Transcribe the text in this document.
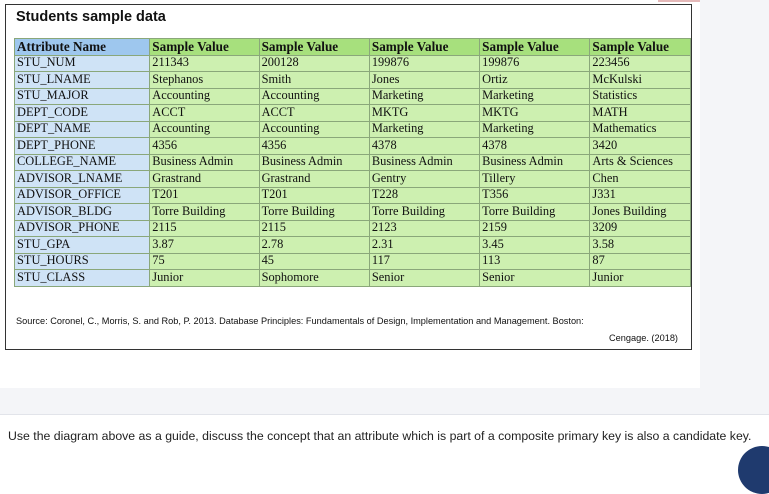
Students sample data
Attribute Name	Sample Value	Sample Value	Sample Value	Sample Value	Sample Value
STU_NUM	211343	200128	199876	199876	223456
STU_LNAME	Stephanos	Smith	Jones	Ortiz	McKulski
STU_MAJOR	Accounting	Accounting	Marketing	Marketing	Statistics
DEPT_CODE	ACCT	ACCT	MKTG	MKTG	MATH
DEPT_NAME	Accounting	Accounting	Marketing	Marketing	Mathematics
DEPT_PHONE	4356	4356	4378	4378	3420
COLLEGE_NAME	Business Admin	Business Admin	Business Admin	Business Admin	Arts & Sciences
ADVISOR_LNAME	Grastrand	Grastrand	Gentry	Tillery	Chen
ADVISOR_OFFICE	T201	T201	T228	T356	J331
ADVISOR_BLDG	Torre Building	Torre Building	Torre Building	Torre Building	Jones Building
ADVISOR_PHONE	2115	2115	2123	2159	3209
STU_GPA	3.87	2.78	2.31	3.45	3.58
STU_HOURS	75	45	117	113	87
STU_CLASS	Junior	Sophomore	Senior	Senior	Junior
Source: Coronel, C., Morris, S. and Rob, P. 2013. Database Principles: Fundamentals of Design, Implementation and Management. Boston:
Cengage. (2018)
Use the diagram above as a guide, discuss the concept that an attribute which is part of a composite primary key is also a candidate key.
